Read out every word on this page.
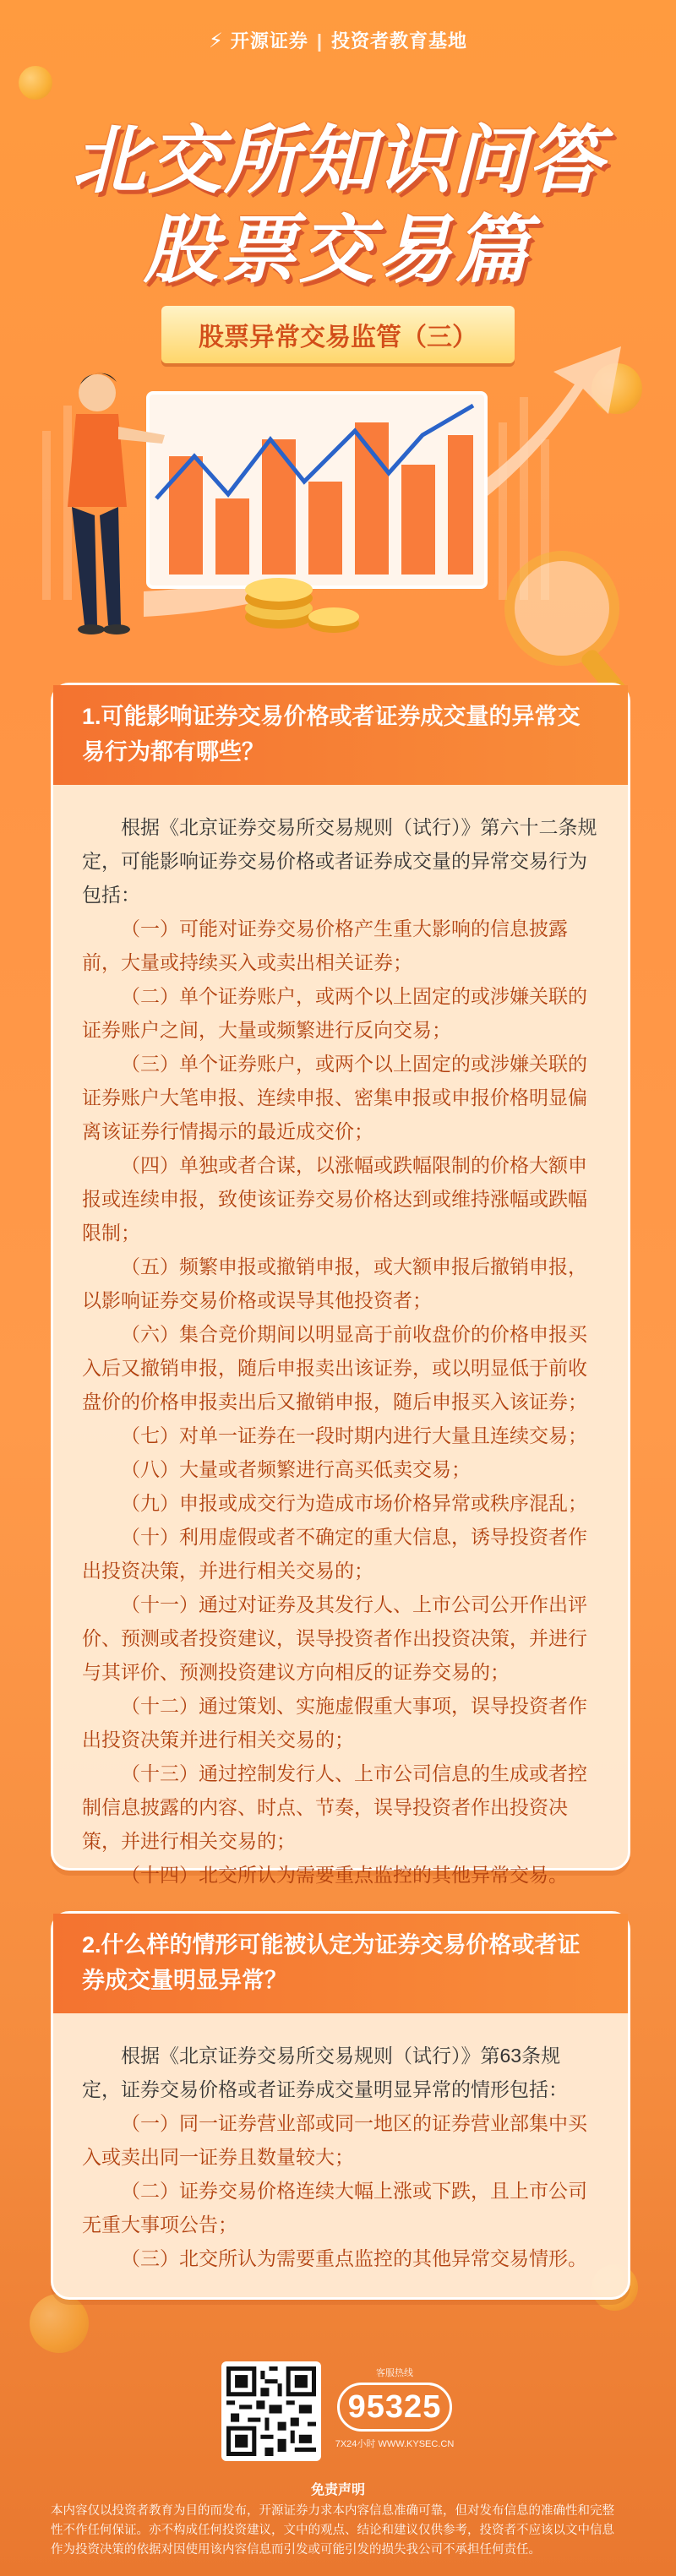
⚡ 开源证券 | 投资者教育基地
北交所知识问答
股票交易篇
股票异常交易监管（三）
1.可能影响证券交易价格或者证券成交量的异常交易行为都有哪些？

根据《北京证券交易所交易规则（试行）》第六十二条规定，可能影响证券交易价格或者证券成交量的异常交易行为包括：

（一）可能对证券交易价格产生重大影响的信息披露前，大量或持续买入或卖出相关证券；

（二）单个证券账户，或两个以上固定的或涉嫌关联的证券账户之间，大量或频繁进行反向交易；

（三）单个证券账户，或两个以上固定的或涉嫌关联的证券账户大笔申报、连续申报、密集申报或申报价格明显偏离该证券行情揭示的最近成交价；

（四）单独或者合谋，以涨幅或跌幅限制的价格大额申报或连续申报，致使该证券交易价格达到或维持涨幅或跌幅限制；

（五）频繁申报或撤销申报，或大额申报后撤销申报，以影响证券交易价格或误导其他投资者；

（六）集合竞价期间以明显高于前收盘价的价格申报买入后又撤销申报，随后申报卖出该证券，或以明显低于前收盘价的价格申报卖出后又撤销申报，随后申报买入该证券；

（七）对单一证券在一段时期内进行大量且连续交易；

（八）大量或者频繁进行高买低卖交易；

（九）申报或成交行为造成市场价格异常或秩序混乱；

（十）利用虚假或者不确定的重大信息，诱导投资者作出投资决策，并进行相关交易的；

（十一）通过对证券及其发行人、上市公司公开作出评价、预测或者投资建议，误导投资者作出投资决策，并进行与其评价、预测投资建议方向相反的证券交易的；

（十二）通过策划、实施虚假重大事项，误导投资者作出投资决策并进行相关交易的；

（十三）通过控制发行人、上市公司信息的生成或者控制信息披露的内容、时点、节奏，误导投资者作出投资决策，并进行相关交易的；

（十四）北交所认为需要重点监控的其他异常交易。

2.什么样的情形可能被认定为证券交易价格或者证券成交量明显异常？

根据《北京证券交易所交易规则（试行）》第63条规定，证券交易价格或者证券成交量明显异常的情形包括：

（一）同一证券营业部或同一地区的证券营业部集中买入或卖出同一证券且数量较大；

（二）证券交易价格连续大幅上涨或下跌，且上市公司无重大事项公告；

（三）北交所认为需要重点监控的其他异常交易情形。

客服热线
95325
7X24小时 WWW.KYSEC.CN
免责声明
本内容仅以投资者教育为目的而发布，开源证券力求本内容信息准确可靠，但对发布信息的准确性和完整性不作任何保证。亦不构成任何投资建议，文中的观点、结论和建议仅供参考，投资者不应该以文中信息作为投资决策的依据对因使用该内容信息而引发或可能引发的损失我公司不承担任何责任。
